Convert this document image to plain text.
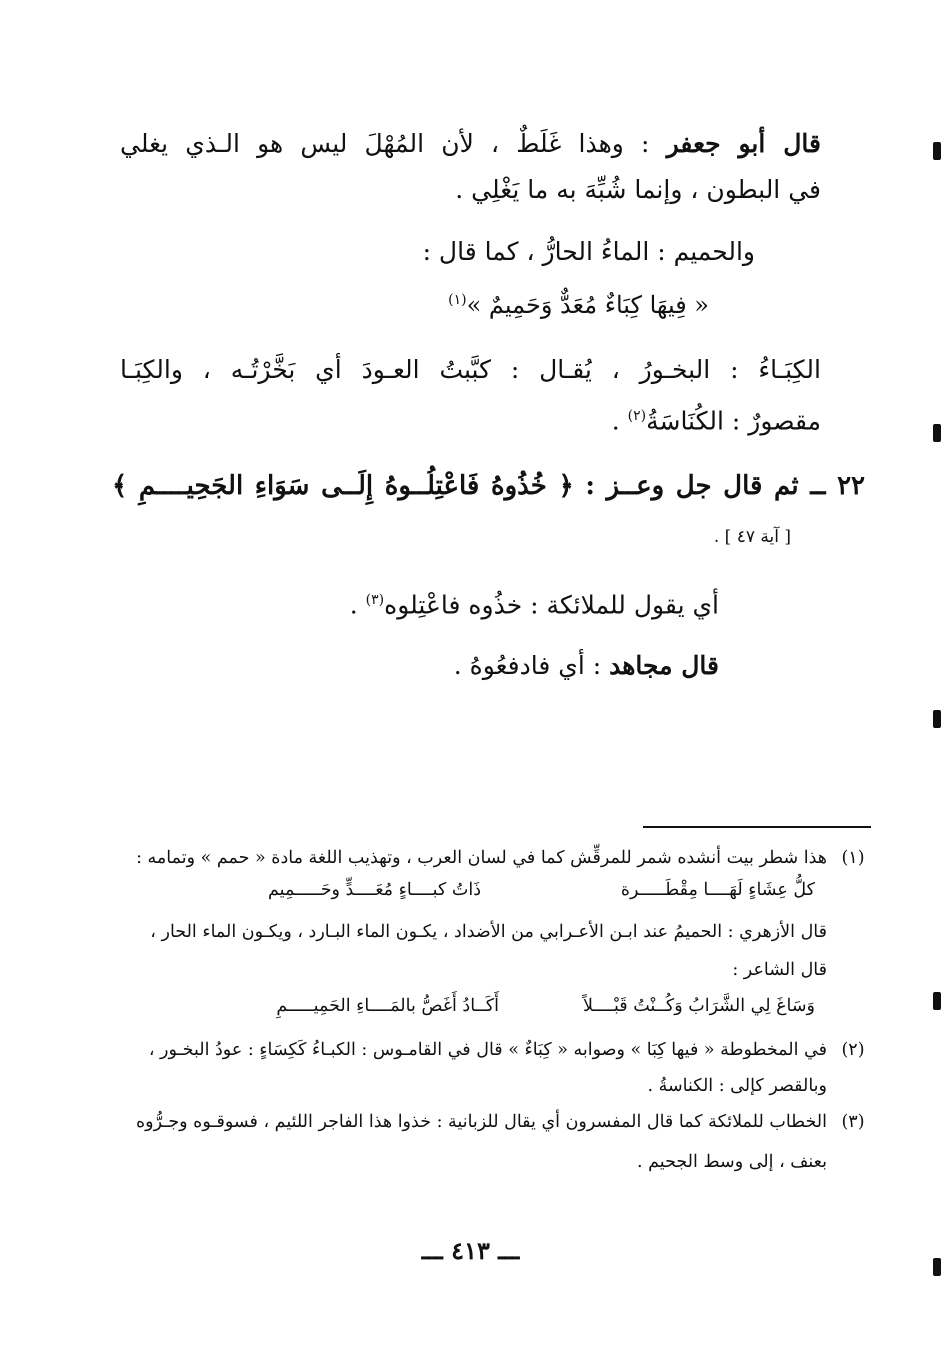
قال أبو جعفر : وهذا غَلَطٌ ، لأن المُهْلَ ليس هو الـذي يغلي
في البطون ، وإنما شُبِّهَ به ما يَغْلِي .
والحميم : الماءُ الحارُّ ، كما قال :
« فِيهَا كِبَاءٌ مُعَدٌّ وَحَمِيمٌ »$^{(١)}$
الكِبَـاءُ : البخـورُ ، يُقـال : كبَّبتُ العـودَ أي بَخَّرْتُـه ، والكِبَـا
مقصورٌ : الكُنَاسَةُ$^{(٢)}$ .
٢٢ ــ ثم قال جل وعــز : ﴿ خُذُوهُ فَاعْتِلُــوهُ إِلَــى سَوَاءِ الجَحِيــــمِ ﴾
[ آية ٤٧ ] .
أي يقول للملائكة : خذُوه فاعْتِلوه$^{(٣)}$ .
قال مجاهد : أي فادفعُوهُ .
(١)
هذا شطر بيت أنشده شمر للمرقِّش كما في لسان العرب ، وتهذيب اللغة مادة « حمم » وتمامه :
كلُّ عِشَاءٍ لَهَــــا مِقْطَـــــرة
ذَاتُ كبــــاءٍ مُعَــــدٍّ وحَـــــمِيم
قال الأزهري : الحميمُ عند ابـن الأعـرابي من الأضداد ، يكـون الماء البـارد ، ويكـون الماء الحار ،
قال الشاعر :
وَسَاغَ لِي الشَّرَابُ وَكُــنْتُ قَبْــــلاً
أَكَــادُ أَغَصُّ بالمَــــاءِ الحَمِيـــــمِ
(٢)
في المخطوطة « فيها كِبَا » وصوابه « كِبَاءٌ » قال في القامـوس : الكبـاءُ كَكِسَاءٍ : عودُ البخـور ،
وبالقصر كإلى : الكناسةُ .
(٣)
الخطاب للملائكة كما قال المفسرون أي يقال للزبانية : خذوا هذا الفاجر اللئيم ، فسوقـوه وجـرُّوه
بعنف ، إلى وسط الجحيم .
ـــ ٤١٣ ـــ
